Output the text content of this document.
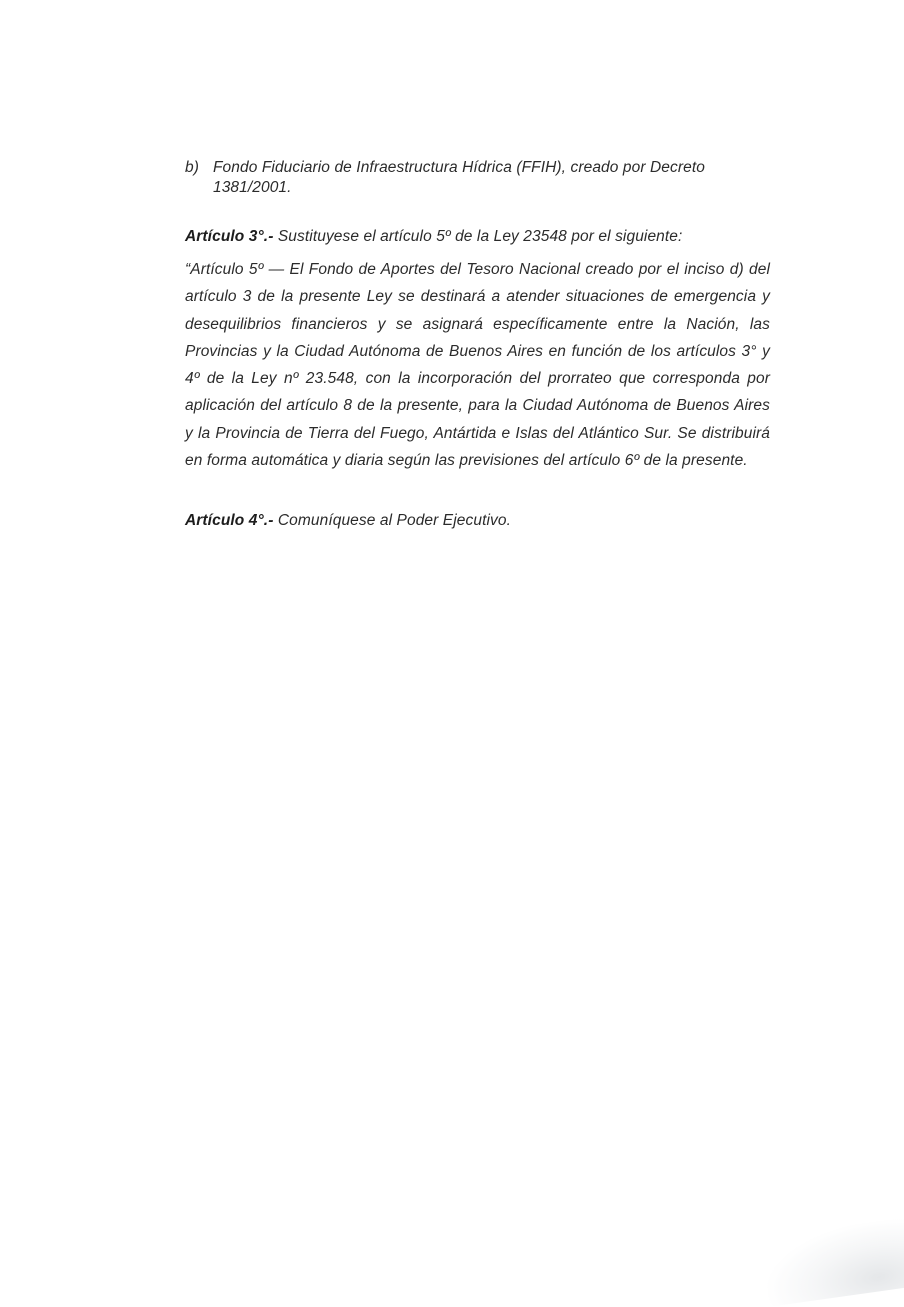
b) Fondo Fiduciario de Infraestructura Hídrica (FFIH), creado por Decreto 1381/2001.
Artículo 3°.- Sustituyese el artículo 5º de la Ley 23548 por el siguiente:
“Artículo 5º — El Fondo de Aportes del Tesoro Nacional creado por el inciso d) del artículo 3 de la presente Ley se destinará a atender situaciones de emergencia y desequilibrios financieros y se asignará específicamente entre la Nación, las Provincias y la Ciudad Autónoma de Buenos Aires en función de los artículos 3° y 4º de la Ley nº 23.548, con la incorporación del prorrateo que corresponda por aplicación del artículo 8 de la presente, para la Ciudad Autónoma de Buenos Aires y la Provincia de Tierra del Fuego, Antártida e Islas del Atlántico Sur. Se distribuirá en forma automática y diaria según las previsiones del artículo 6º de la presente.
Artículo 4°.- Comuníquese al Poder Ejecutivo.
